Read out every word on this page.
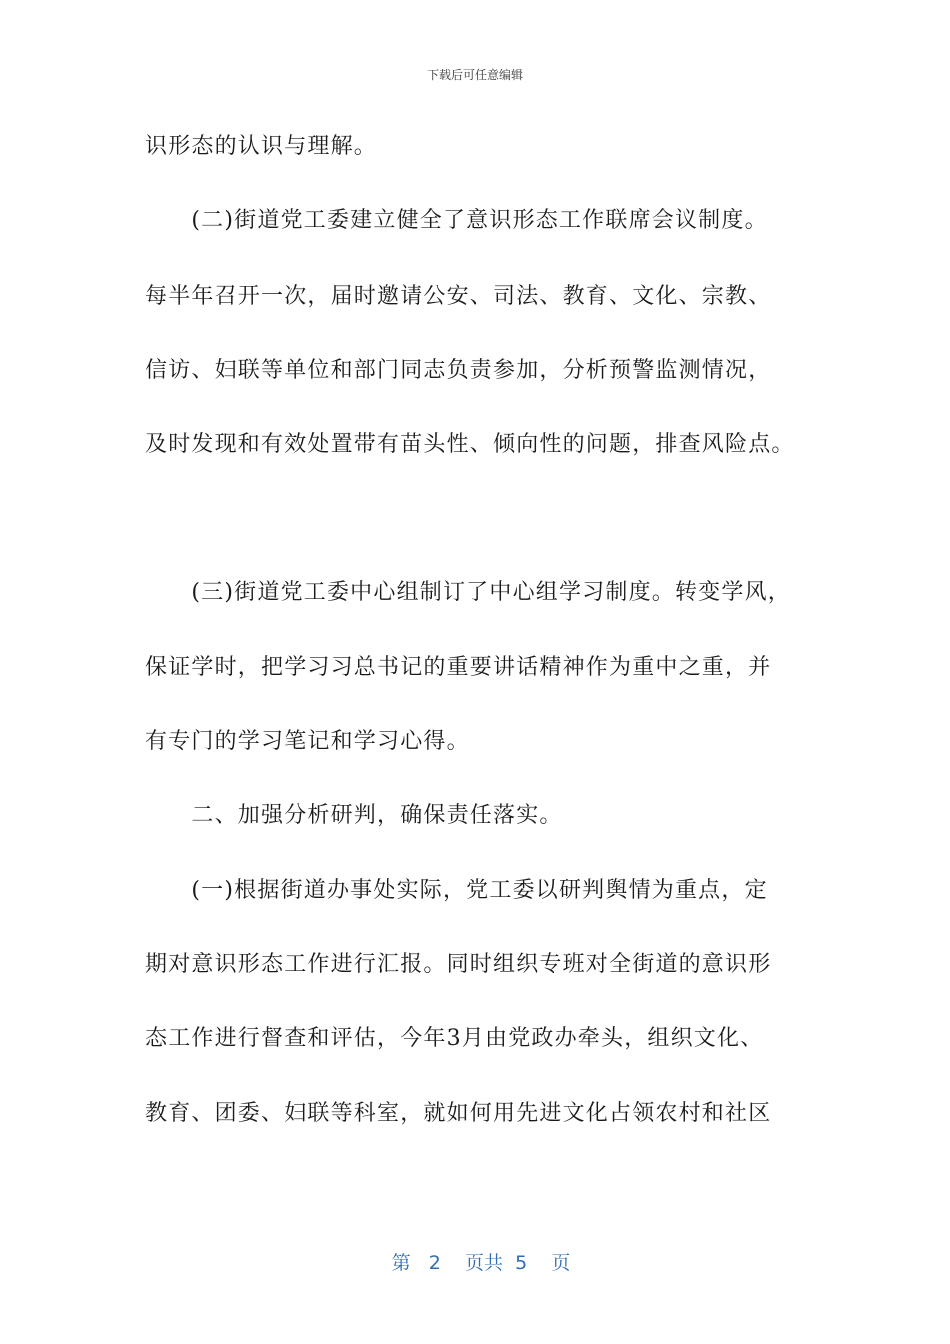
下载后可任意编辑
识形态的认识与理解。
　　(二)街道党工委建立健全了意识形态工作联席会议制度。
每半年召开一次，届时邀请公安、司法、教育、文化、宗教、
信访、妇联等单位和部门同志负责参加，分析预警监测情况，
及时发现和有效处置带有苗头性、倾向性的问题，排查风险点。
　　(三)街道党工委中心组制订了中心组学习制度。转变学风，
保证学时，把学习习总书记的重要讲话精神作为重中之重，并
有专门的学习笔记和学习心得。
　　二、加强分析研判，确保责任落实。
　　(一)根据街道办事处实际，党工委以研判舆情为重点，定
期对意识形态工作进行汇报。同时组织专班对全街道的意识形
态工作进行督查和评估，今年3月由党政办牵头，组织文化、
教育、团委、妇联等科室，就如何用先进文化占领农村和社区

第 2 页共 5 页
